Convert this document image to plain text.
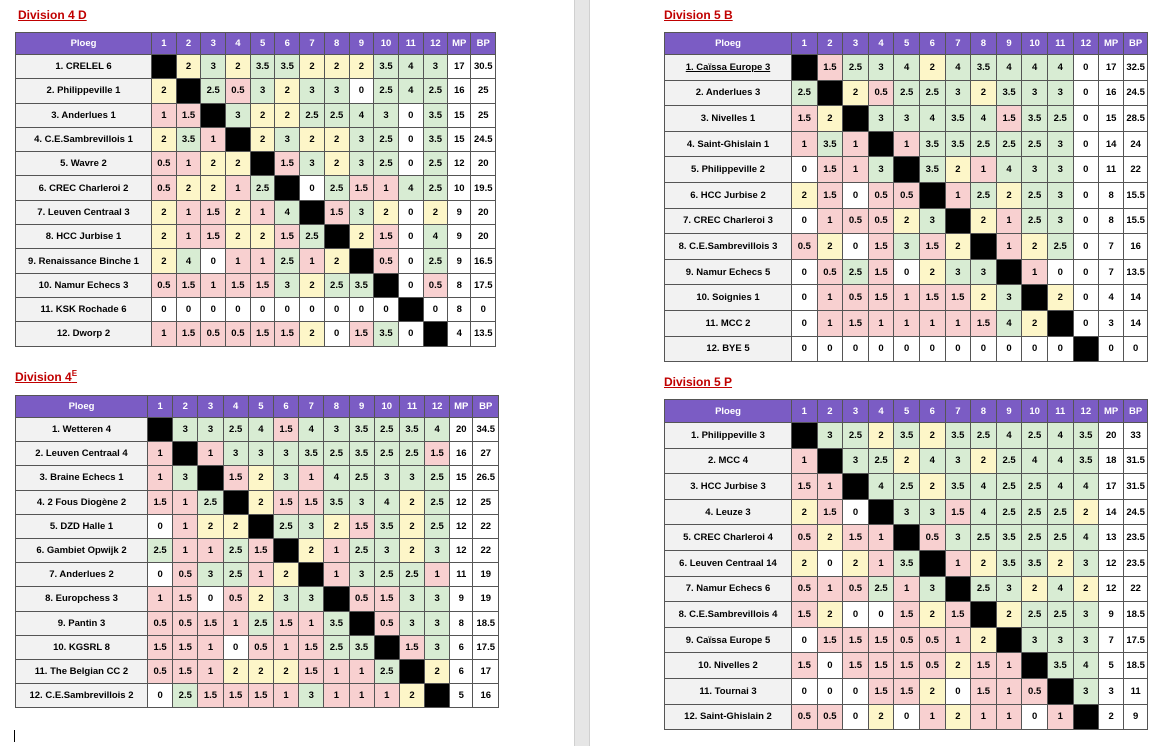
Division 4 D
Ploeg	1	2	3	4	5	6	7	8	9	10	11	12	MP	BP
1. CRELEL 6		2	3	2	3.5	3.5	2	2	2	3.5	4	3	17	30.5
2. Philippeville 1	2		2.5	0.5	3	2	3	3	0	2.5	4	2.5	16	25
3. Anderlues 1	1	1.5		3	2	2	2.5	2.5	4	3	0	3.5	15	25
4. C.E.Sambrevillois 1	2	3.5	1		2	3	2	2	3	2.5	0	3.5	15	24.5
5. Wavre 2	0.5	1	2	2		1.5	3	2	3	2.5	0	2.5	12	20
6. CREC Charleroi 2	0.5	2	2	1	2.5		0	2.5	1.5	1	4	2.5	10	19.5
7. Leuven Centraal 3	2	1	1.5	2	1	4		1.5	3	2	0	2	9	20
8. HCC Jurbise 1	2	1	1.5	2	2	1.5	2.5		2	1.5	0	4	9	20
9. Renaissance Binche 1	2	4	0	1	1	2.5	1	2		0.5	0	2.5	9	16.5
10. Namur Echecs 3	0.5	1.5	1	1.5	1.5	3	2	2.5	3.5		0	0.5	8	17.5
11. KSK Rochade 6	0	0	0	0	0	0	0	0	0	0		0	8	0
12. Dworp 2	1	1.5	0.5	0.5	1.5	1.5	2	0	1.5	3.5	0		4	13.5
Division $4^E$
Ploeg	1	2	3	4	5	6	7	8	9	10	11	12	MP	BP
1. Wetteren 4		3	3	2.5	4	1.5	4	3	3.5	2.5	3.5	4	20	34.5
2. Leuven Centraal 4	1		1	3	3	3	3.5	2.5	3.5	2.5	2.5	1.5	16	27
3. Braine Echecs 1	1	3		1.5	2	3	1	4	2.5	3	3	2.5	15	26.5
4. 2 Fous Diogène 2	1.5	1	2.5		2	1.5	1.5	3.5	3	4	2	2.5	12	25
5. DZD Halle 1	0	1	2	2		2.5	3	2	1.5	3.5	2	2.5	12	22
6. Gambiet Opwijk 2	2.5	1	1	2.5	1.5		2	1	2.5	3	2	3	12	22
7. Anderlues 2	0	0.5	3	2.5	1	2		1	3	2.5	2.5	1	11	19
8. Europchess 3	1	1.5	0	0.5	2	3	3		0.5	1.5	3	3	9	19
9. Pantin 3	0.5	0.5	1.5	1	2.5	1.5	1	3.5		0.5	3	3	8	18.5
10. KGSRL 8	1.5	1.5	1	0	0.5	1	1.5	2.5	3.5		1.5	3	6	17.5
11. The Belgian CC 2	0.5	1.5	1	2	2	2	1.5	1	1	2.5		2	6	17
12. C.E.Sambrevillois 2	0	2.5	1.5	1.5	1.5	1	3	1	1	1	2		5	16
Division 5 B
Ploeg	1	2	3	4	5	6	7	8	9	10	11	12	MP	BP
1. Caïssa Europe 3		1.5	2.5	3	4	2	4	3.5	4	4	4	0	17	32.5
2. Anderlues 3	2.5		2	0.5	2.5	2.5	3	2	3.5	3	3	0	16	24.5
3. Nivelles 1	1.5	2		3	3	4	3.5	4	1.5	3.5	2.5	0	15	28.5
4. Saint-Ghislain 1	1	3.5	1		1	3.5	3.5	2.5	2.5	2.5	3	0	14	24
5. Philippeville 2	0	1.5	1	3		3.5	2	1	4	3	3	0	11	22
6. HCC Jurbise 2	2	1.5	0	0.5	0.5		1	2.5	2	2.5	3	0	8	15.5
7. CREC Charleroi 3	0	1	0.5	0.5	2	3		2	1	2.5	3	0	8	15.5
8. C.E.Sambrevillois 3	0.5	2	0	1.5	3	1.5	2		1	2	2.5	0	7	16
9. Namur Echecs 5	0	0.5	2.5	1.5	0	2	3	3		1	0	0	7	13.5
10. Soignies 1	0	1	0.5	1.5	1	1.5	1.5	2	3		2	0	4	14
11. MCC 2	0	1	1.5	1	1	1	1	1.5	4	2		0	3	14
12. BYE 5	0	0	0	0	0	0	0	0	0	0	0		0	0
Division 5 P
Ploeg	1	2	3	4	5	6	7	8	9	10	11	12	MP	BP
1. Philippeville 3		3	2.5	2	3.5	2	3.5	2.5	4	2.5	4	3.5	20	33
2. MCC 4	1		3	2.5	2	4	3	2	2.5	4	4	3.5	18	31.5
3. HCC Jurbise 3	1.5	1		4	2.5	2	3.5	4	2.5	2.5	4	4	17	31.5
4. Leuze 3	2	1.5	0		3	3	1.5	4	2.5	2.5	2.5	2	14	24.5
5. CREC Charleroi 4	0.5	2	1.5	1		0.5	3	2.5	3.5	2.5	2.5	4	13	23.5
6. Leuven Centraal 14	2	0	2	1	3.5		1	2	3.5	3.5	2	3	12	23.5
7. Namur Echecs 6	0.5	1	0.5	2.5	1	3		2.5	3	2	4	2	12	22
8. C.E.Sambrevillois 4	1.5	2	0	0	1.5	2	1.5		2	2.5	2.5	3	9	18.5
9. Caïssa Europe 5	0	1.5	1.5	1.5	0.5	0.5	1	2		3	3	3	7	17.5
10. Nivelles 2	1.5	0	1.5	1.5	1.5	0.5	2	1.5	1		3.5	4	5	18.5
11. Tournai 3	0	0	0	1.5	1.5	2	0	1.5	1	0.5		3	3	11
12. Saint-Ghislain 2	0.5	0.5	0	2	0	1	2	1	1	0	1		2	9
